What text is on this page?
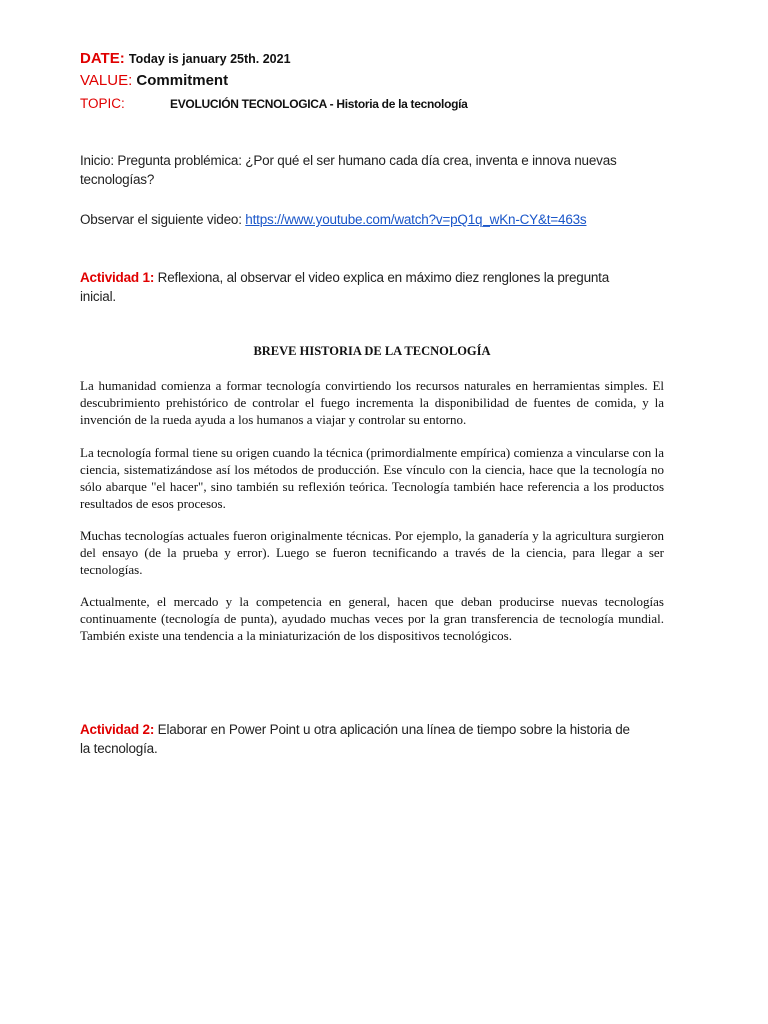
DATE: Today is january 25th. 2021
VALUE: Commitment
TOPIC:	EVOLUCIÓN TECNOLOGICA - Historia de la tecnología
Inicio: Pregunta problémica: ¿Por qué el ser humano cada día crea, inventa e innova nuevas tecnologías?
Observar el siguiente video: https://www.youtube.com/watch?v=pQ1q_wKn-CY&t=463s
Actividad 1: Reflexiona, al observar el video explica en máximo diez renglones la pregunta inicial.
BREVE HISTORIA DE LA TECNOLOGÍA
La humanidad comienza a formar tecnología convirtiendo los recursos naturales en herramientas simples. El descubrimiento prehistórico de controlar el fuego incrementa la disponibilidad de fuentes de comida, y la invención de la rueda ayuda a los humanos a viajar y controlar su entorno.
La tecnología formal tiene su origen cuando la técnica (primordialmente empírica) comienza a vincularse con la ciencia, sistematizándose así los métodos de producción. Ese vínculo con la ciencia, hace que la tecnología no sólo abarque "el hacer", sino también su reflexión teórica. Tecnología también hace referencia a los productos resultados de esos procesos.
Muchas tecnologías actuales fueron originalmente técnicas. Por ejemplo, la ganadería y la agricultura surgieron del ensayo (de la prueba y error). Luego se fueron tecnificando a través de la ciencia, para llegar a ser tecnologías.
Actualmente, el mercado y la competencia en general, hacen que deban producirse nuevas tecnologías continuamente (tecnología de punta), ayudado muchas veces por la gran transferencia de tecnología mundial. También existe una tendencia a la miniaturización de los dispositivos tecnológicos.
Actividad 2: Elaborar en Power Point u otra aplicación una línea de tiempo sobre la historia de la tecnología.
